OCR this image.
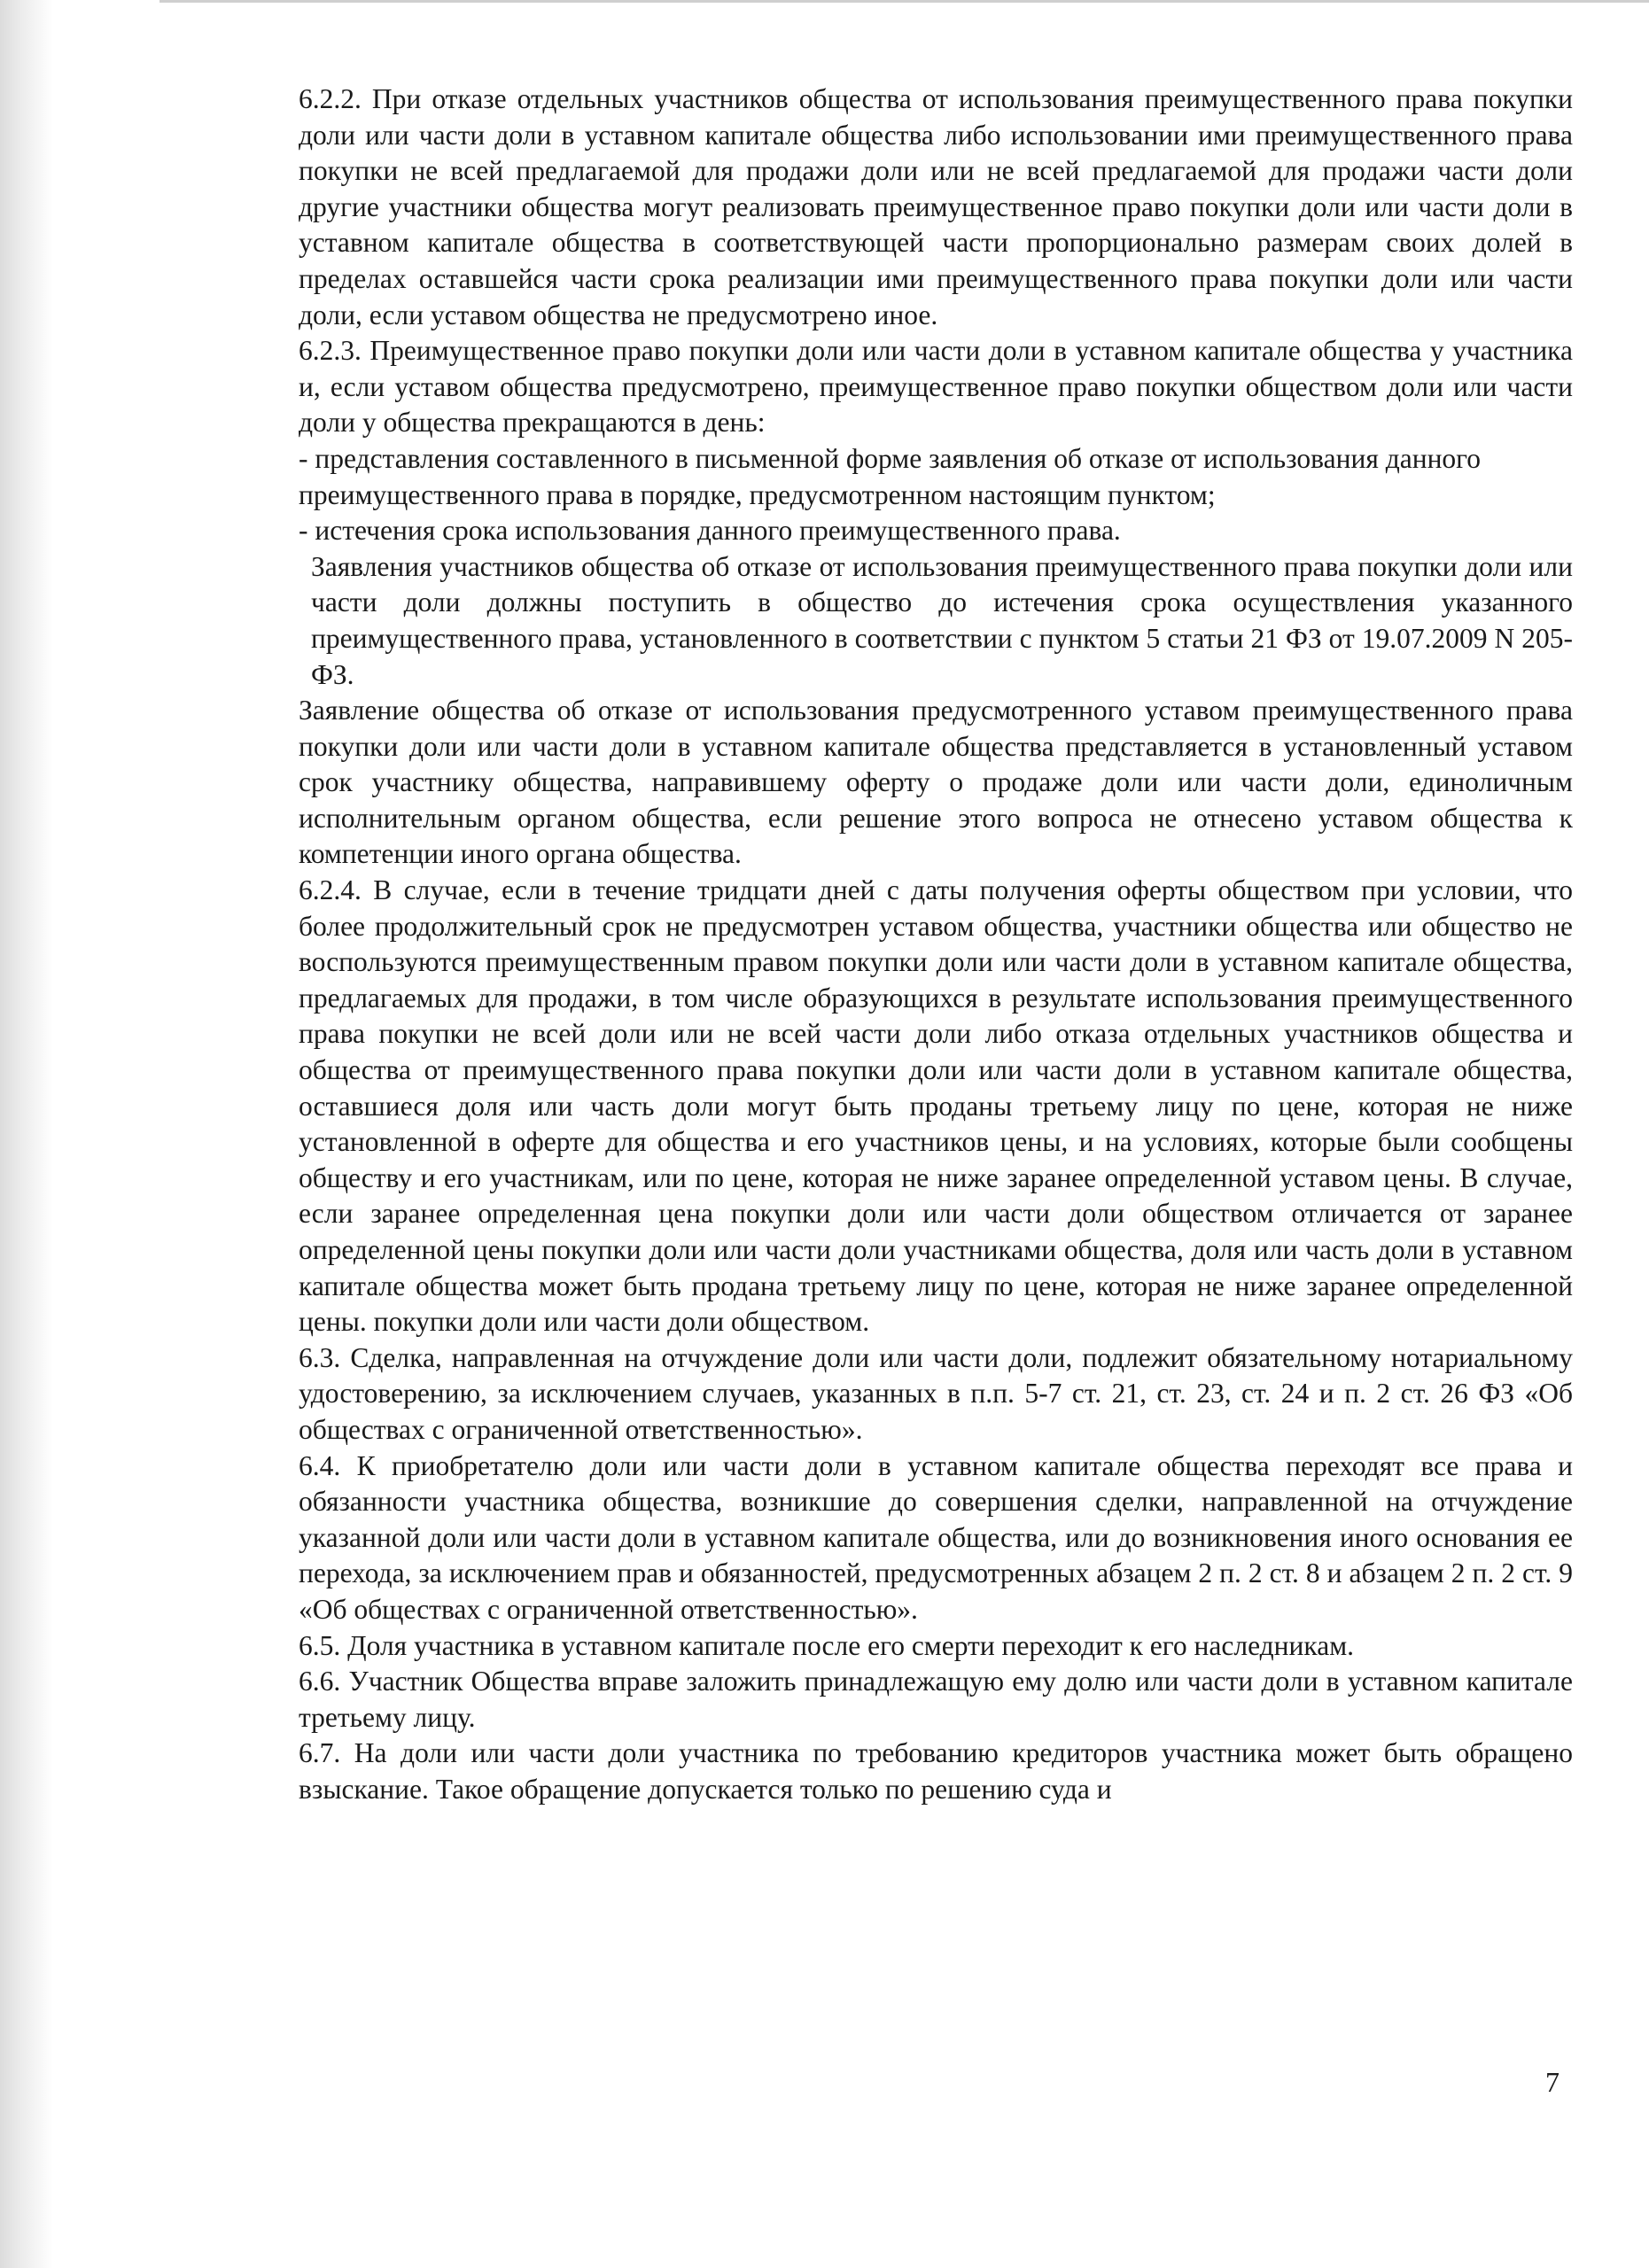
6.2.2. При отказе отдельных участников общества от использования преимущественного права покупки доли или части доли в уставном капитале общества либо использовании ими преимущественного права покупки не всей предлагаемой для продажи доли или не всей предлагаемой для продажи части доли другие участники общества могут реализовать преимущественное право покупки доли или части доли в уставном капитале общества в соответствующей части пропорционально размерам своих долей в пределах оставшейся части срока реализации ими преимущественного права покупки доли или части доли, если уставом общества не предусмотрено иное.

6.2.3. Преимущественное право покупки доли или части доли в уставном капитале общества у участника и, если уставом общества предусмотрено, преимущественное право покупки обществом доли или части доли у общества прекращаются в день:

- представления составленного в письменной форме заявления об отказе от использования данного преимущественного права в порядке, предусмотренном настоящим пунктом;

- истечения срока использования данного преимущественного права.

Заявления участников общества об отказе от использования преимущественного права покупки доли или части доли должны поступить в общество до истечения срока осуществления указанного преимущественного права, установленного в соответствии с пунктом 5 статьи 21 ФЗ от 19.07.2009 N 205-ФЗ.

Заявление общества об отказе от использования предусмотренного уставом преимущественного права покупки доли или части доли в уставном капитале общества представляется в установленный уставом срок участнику общества, направившему оферту о продаже доли или части доли, единоличным исполнительным органом общества, если решение этого вопроса не отнесено уставом общества к компетенции иного органа общества.

6.2.4. В случае, если в течение тридцати дней с даты получения оферты обществом при условии, что более продолжительный срок не предусмотрен уставом общества, участники общества или общество не воспользуются преимущественным правом покупки доли или части доли в уставном капитале общества, предлагаемых для продажи, в том числе образующихся в результате использования преимущественного права покупки не всей доли или не всей части доли либо отказа отдельных участников общества и общества от преимущественного права покупки доли или части доли в уставном капитале общества, оставшиеся доля или часть доли могут быть проданы третьему лицу по цене, которая не ниже установленной в оферте для общества и его участников цены, и на условиях, которые были сообщены обществу и его участникам, или по цене, которая не ниже заранее определенной уставом цены. В случае, если заранее определенная цена покупки доли или части доли обществом отличается от заранее определенной цены покупки доли или части доли участниками общества, доля или часть доли в уставном капитале общества может быть продана третьему лицу по цене, которая не ниже заранее определенной цены. покупки доли или части доли обществом.

6.3. Сделка, направленная на отчуждение доли или части доли, подлежит обязательному нотариальному удостоверению, за исключением случаев, указанных в п.п. 5-7 ст. 21, ст. 23, ст. 24 и п. 2 ст. 26 ФЗ «Об обществах с ограниченной ответственностью».

6.4. К приобретателю доли или части доли в уставном капитале общества переходят все права и обязанности участника общества, возникшие до совершения сделки, направленной на отчуждение указанной доли или части доли в уставном капитале общества, или до возникновения иного основания ее перехода, за исключением прав и обязанностей, предусмотренных абзацем 2 п. 2 ст. 8 и абзацем 2 п. 2 ст. 9 «Об обществах с ограниченной ответственностью».

6.5. Доля участника в уставном капитале после его смерти переходит к его наследникам.

6.6. Участник Общества вправе заложить принадлежащую ему долю или части доли в уставном капитале третьему лицу.

6.7. На доли или части доли участника по требованию кредиторов участника может быть обращено взыскание. Такое обращение допускается только по решению суда и

7
